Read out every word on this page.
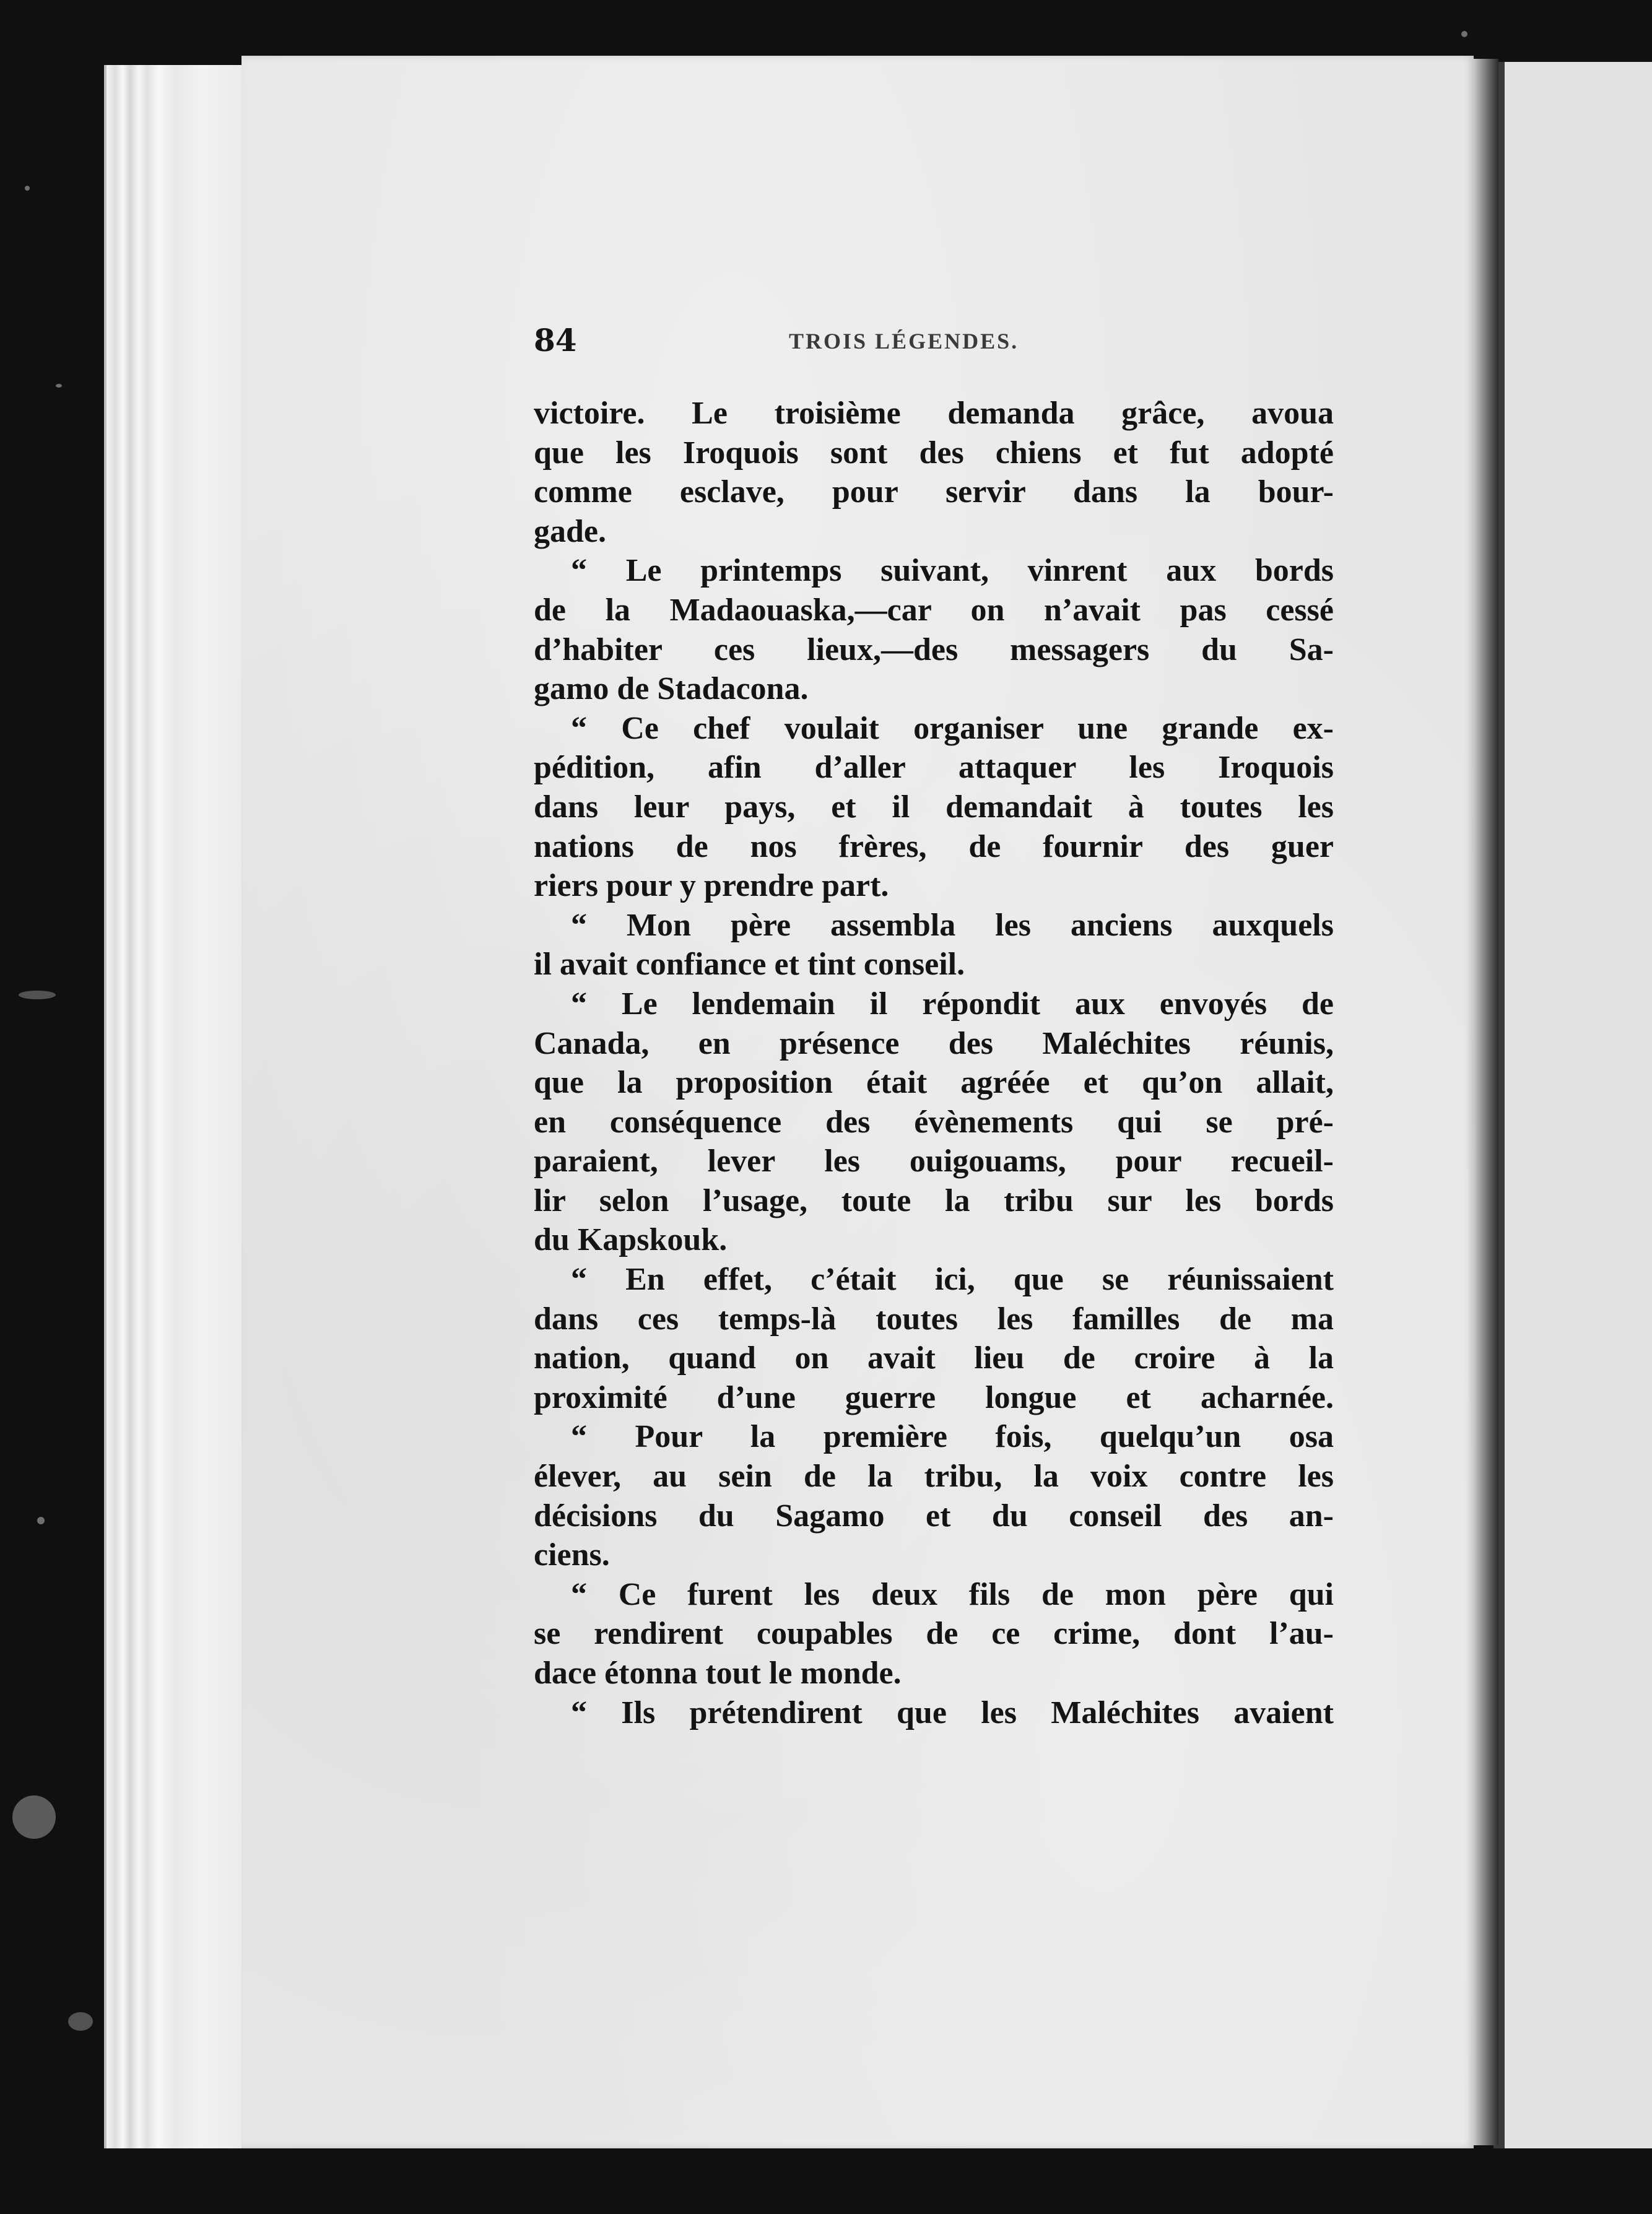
84	TROIS LÉGENDES.
victoire. Le troisième demanda grâce, avoua
que les Iroquois sont des chiens et fut adopté
comme esclave, pour servir dans la bour-
gade.
“ Le printemps suivant, vinrent aux bords
de la Madaouaska,—car on n’avait pas cessé
d’habiter ces lieux,—des messagers du Sa-
gamo de Stadacona.
“ Ce chef voulait organiser une grande ex-
pédition, afin d’aller attaquer les Iroquois
dans leur pays, et il demandait à toutes les
nations de nos frères, de fournir des guer
riers pour y prendre part.
“ Mon père assembla les anciens auxquels
il avait confiance et tint conseil.
“ Le lendemain il répondit aux envoyés de
Canada, en présence des Maléchites réunis,
que la proposition était agréée et qu’on allait,
en conséquence des évènements qui se pré-
paraient, lever les ouigouams, pour recueil-
lir selon l’usage, toute la tribu sur les bords
du Kapskouk.
“ En effet, c’était ici, que se réunissaient
dans ces temps-là toutes les familles de ma
nation, quand on avait lieu de croire à la
proximité d’une guerre longue et acharnée.
“ Pour la première fois, quelqu’un osa
élever, au sein de la tribu, la voix contre les
décisions du Sagamo et du conseil des an-
ciens.
“ Ce furent les deux fils de mon père qui
se rendirent coupables de ce crime, dont l’au-
dace étonna tout le monde.
“ Ils prétendirent que les Maléchites avaient
